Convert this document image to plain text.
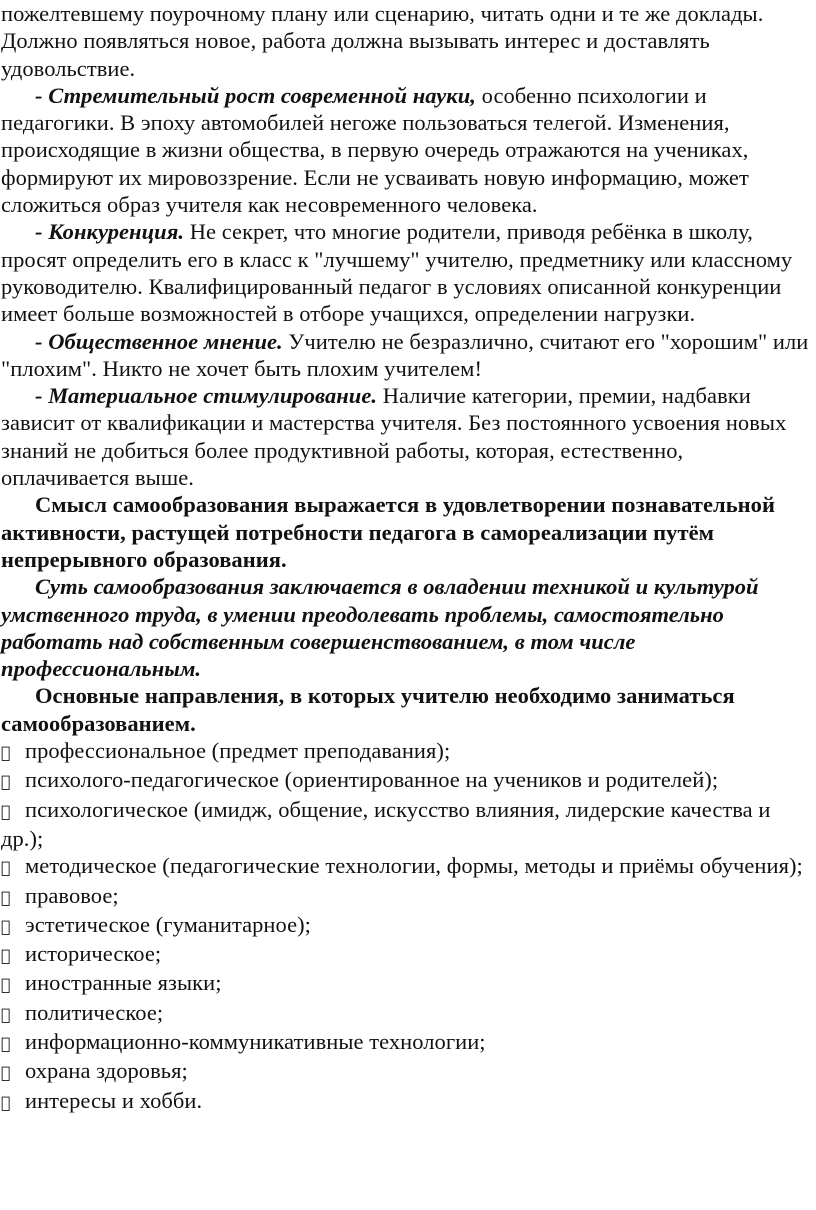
пожелтевшему поурочному плану или сценарию, читать одни и те же доклады. Должно появляться новое, работа должна вызывать интерес и доставлять удовольствие.

- Стремительный рост современной науки, особенно психологии и педагогики. В эпоху автомобилей негоже пользоваться телегой. Изменения, происходящие в жизни общества, в первую очередь отражаются на учениках, формируют их мировоззрение. Если не усваивать новую информацию, может сложиться образ учителя как несовременного человека.

- Конкуренция. Не секрет, что многие родители, приводя ребёнка в школу, просят определить его в класс к "лучшему" учителю, предметнику или классному руководителю. Квалифицированный педагог в условиях описанной конкуренции имеет больше возможностей в отборе учащихся, определении нагрузки.

- Общественное мнение. Учителю не безразлично, считают его "хорошим" или "плохим". Никто не хочет быть плохим учителем!

- Материальное стимулирование. Наличие категории, премии, надбавки зависит от квалификации и мастерства учителя. Без постоянного усвоения новых знаний не добиться более продуктивной работы, которая, естественно, оплачивается выше.

Смысл самообразования выражается в удовлетворении познавательной активности, растущей потребности педагога в самореализации путём непрерывного образования.

Суть самообразования заключается в овладении техникой и культурой умственного труда, в умении преодолевать проблемы, самостоятельно работать над собственным совершенствованием, в том числе профессиональным.

Основные направления, в которых учителю необходимо заниматься самообразованием.

профессиональное (предмет преподавания);

психолого-педагогическое (ориентированное на учеников и родителей);

психологическое (имидж, общение, искусство влияния, лидерские качества и др.);

методическое (педагогические технологии, формы, методы и приёмы обучения);

правовое;

эстетическое (гуманитарное);

историческое;

иностранные языки;

политическое;

информационно-коммуникативные технологии;

охрана здоровья;

интересы и хобби.
